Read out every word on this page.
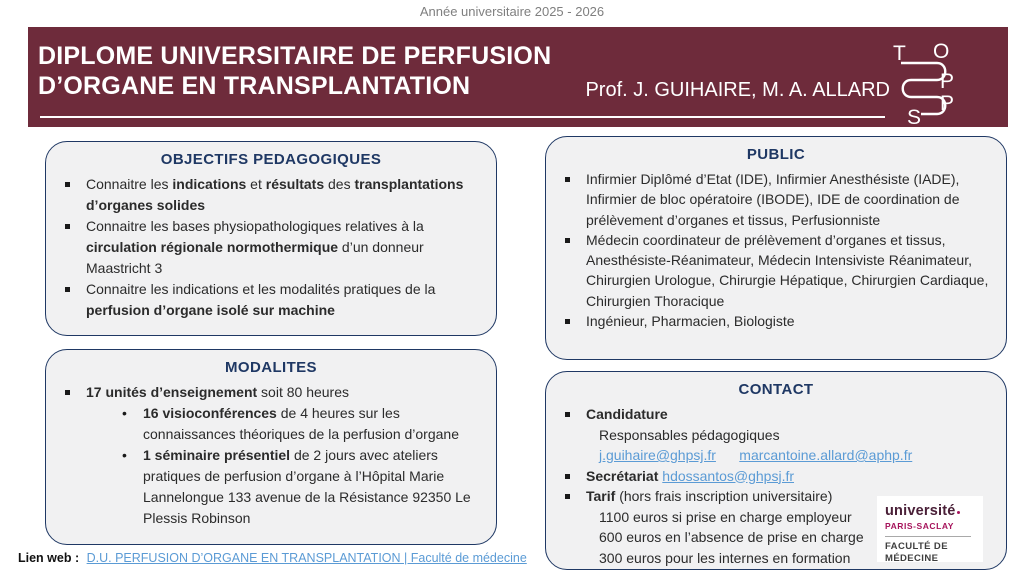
Année universitaire 2025 - 2026
DIPLOME UNIVERSITAIRE DE PERFUSION
D’ORGANE EN TRANSPLANTATION	Prof. J. GUIHAIRE, M. A. ALLARD
T O
P
P
S
OBJECTIFS PEDAGOGIQUES
Connaitre les indications et résultats des transplantations d’organes solides
Connaitre les bases physiopathologiques relatives à la circulation régionale normothermique d’un donneur Maastricht 3
Connaitre les indications et les modalités pratiques de la perfusion d’organe isolé sur machine
PUBLIC
Infirmier Diplômé d’Etat (IDE), Infirmier Anesthésiste (IADE), Infirmier de bloc opératoire (IBODE), IDE de coordination de prélèvement d’organes et tissus, Perfusionniste
Médecin coordinateur de prélèvement d’organes et tissus, Anesthésiste-Réanimateur, Médecin Intensiviste Réanimateur, Chirurgien Urologue, Chirurgie Hépatique, Chirurgien Cardiaque, Chirurgien Thoracique
Ingénieur, Pharmacien, Biologiste
MODALITES
17 unités d’enseignement soit 80 heures
•
16 visioconférences de 4 heures sur les connaissances théoriques de la perfusion d’organe
•
1 séminaire présentiel de 2 jours avec ateliers pratiques de perfusion d’organe à l’Hôpital Marie Lannelongue 133 avenue de la Résistance 92350 Le Plessis Robinson
CONTACT
Candidature
Responsables pédagogiques
j.guihaire@ghpsj.fr marcantoine.allard@aphp.fr
Secrétariat hdossantos@ghpsj.fr
Tarif (hors frais inscription universitaire)
1100 euros si prise en charge employeur
600 euros en l’absence de prise en charge
300 euros pour les internes en formation
université
PARIS-SACLAY
FACULTÉ DE
MÉDECINE
Lien web : D.U. PERFUSION D’ORGANE EN TRANSPLANTATION | Faculté de médecine
